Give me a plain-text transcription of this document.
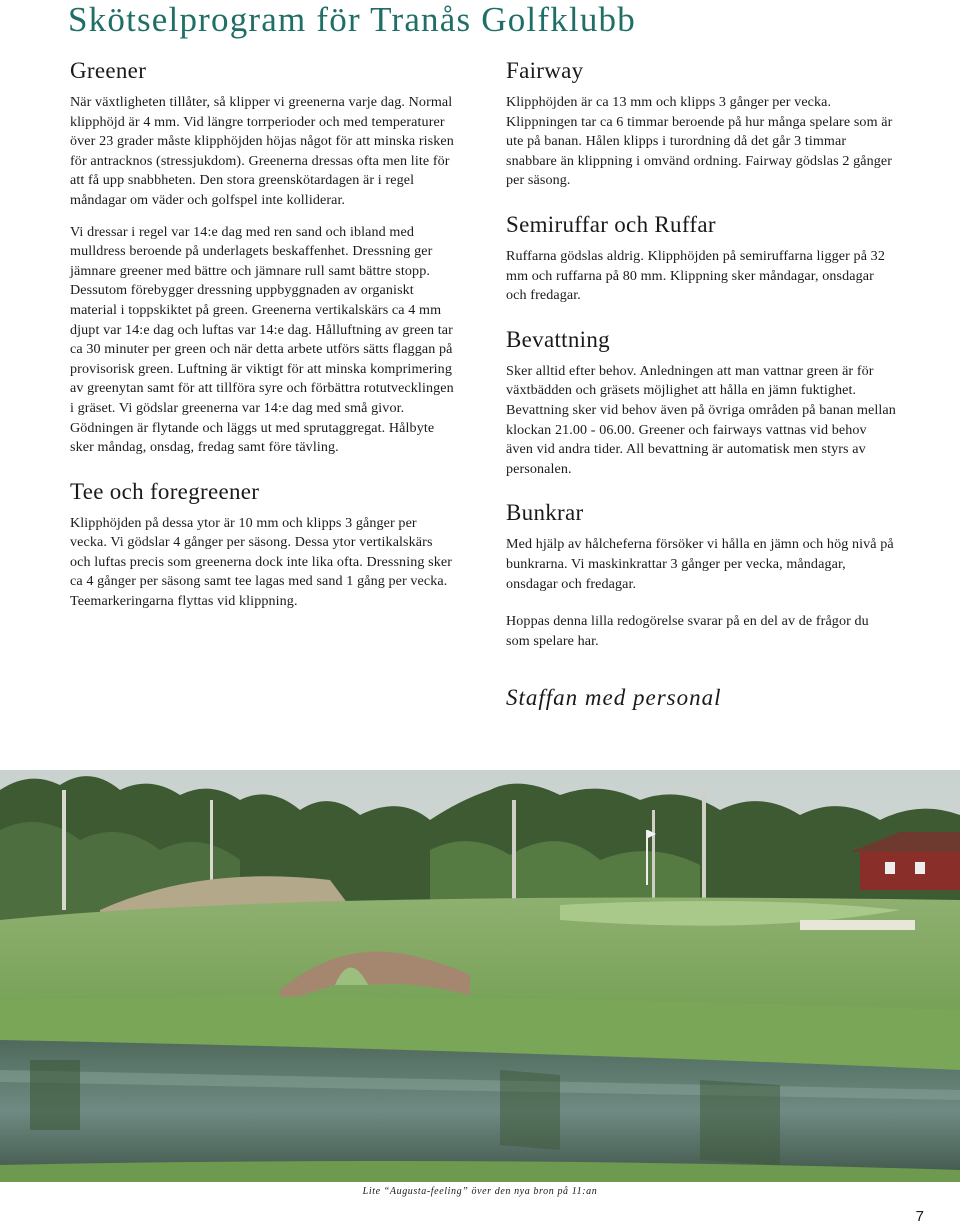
Skötselprogram för Tranås Golfklubb
Greener

När växtligheten tillåter, så klipper vi greenerna varje dag. Normal klipphöjd är 4 mm. Vid längre torrperioder och med temperaturer över 23 grader måste klipphöjden höjas något för att minska risken för antracknos (stressjukdom). Greenerna dressas ofta men lite för att få upp snabbheten. Den stora greenskötardagen är i regel måndagar om väder och golfspel inte kolliderar.

Vi dressar i regel var 14:e dag med ren sand och ibland med mulldress beroende på underlagets beskaffenhet. Dressning ger jämnare greener med bättre och jämnare rull samt bättre stopp. Dessutom förebygger dressning uppbyggnaden av organiskt material i toppskiktet på green. Greenerna vertikalskärs ca 4 mm djupt var 14:e dag och luftas var 14:e dag. Hålluftning av green tar ca 30 minuter per green och när detta arbete utförs sätts flaggan på provisorisk green. Luftning är viktigt för att minska komprimering av greenytan samt för att tillföra syre och förbättra rotutvecklingen i gräset. Vi gödslar greenerna var 14:e dag med små givor. Gödningen är flytande och läggs ut med sprutaggregat. Hålbyte sker måndag, onsdag, fredag samt före tävling.

Tee och foregreener

Klipphöjden på dessa ytor är 10 mm och klipps 3 gånger per vecka. Vi gödslar 4 gånger per säsong. Dessa ytor vertikalskärs och luftas precis som greenerna dock inte lika ofta. Dressning sker ca 4 gånger per säsong samt tee lagas med sand 1 gång per vecka. Teemarkeringarna flyttas vid klippning.

Fairway

Klipphöjden är ca 13 mm och klipps 3 gånger per vecka. Klippningen tar ca 6 timmar beroende på hur många spelare som är ute på banan. Hålen klipps i turordning då det går 3 timmar snabbare än klippning i omvänd ordning. Fairway gödslas 2 gånger per säsong.

Semiruffar och Ruffar

Ruffarna gödslas aldrig. Klipphöjden på semiruffarna ligger på 32 mm och ruffarna på 80 mm. Klippning sker måndagar, onsdagar och fredagar.

Bevattning

Sker alltid efter behov. Anledningen att man vattnar green är för växtbädden och gräsets möjlighet att hålla en jämn fuktighet. Bevattning sker vid behov även på övriga områden på banan mellan klockan 21.00 - 06.00. Greener och fairways vattnas vid behov även vid andra tider. All bevattning är automatisk men styrs av personalen.

Bunkrar

Med hjälp av hålcheferna försöker vi hålla en jämn och hög nivå på bunkrarna. Vi maskinkrattar 3 gånger per vecka, måndagar, onsdagar och fredagar.

Hoppas denna lilla redogörelse svarar på en del av de frågor du som spelare har.

Staffan med personal
Lite “Augusta-feeling” över den nya bron på 11:an
7
